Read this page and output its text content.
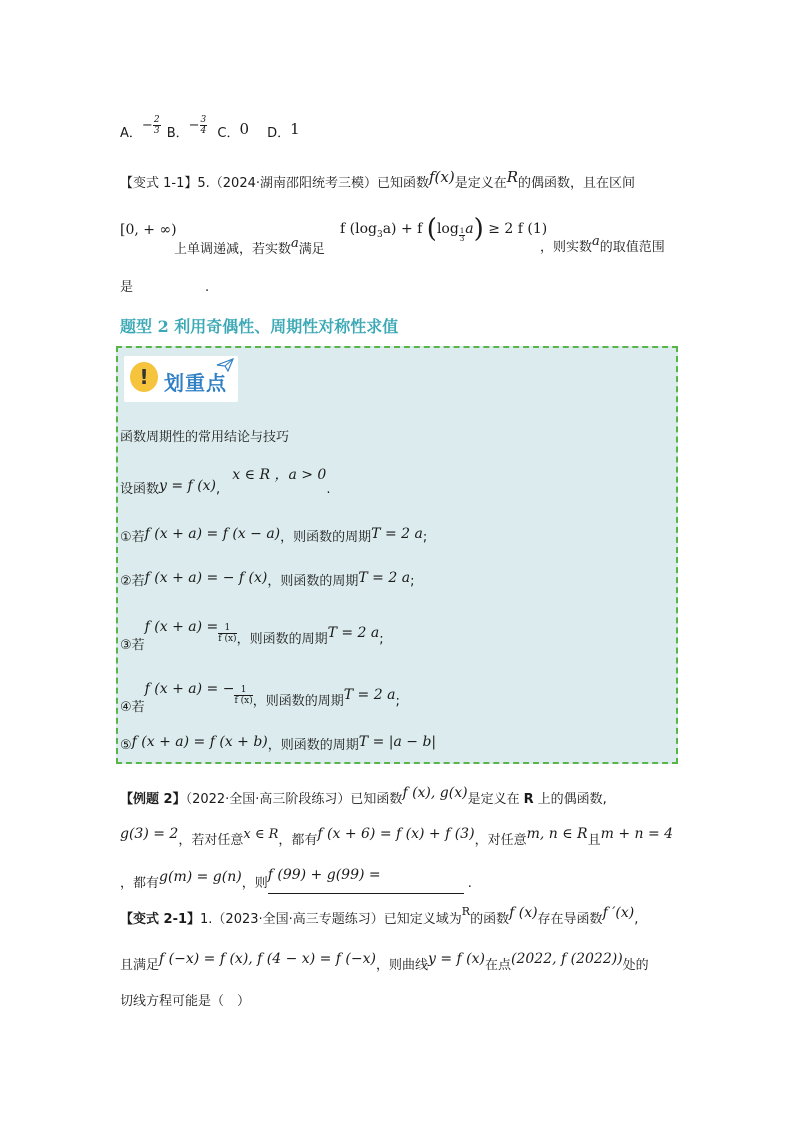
A．− $\frac{2}{3}$ B．− $\frac{3}{4}$ C．0 D．1
【变式 1-1】5.（2024·湖南邵阳统考三模）已知函数f(x)是定义在R的偶函数，且在区间
[0, + ∞)
上单调递减，若实数a满足
f $(\log_3a) + f$ $(\log \frac{1}{3} a) \ge 2$ f (1)
，则实数a的取值范围
是	.
题型 2 利用奇偶性、周期性对称性求值
! 划重点
函数周期性的常用结论与技巧
设函数y = f (x), x ∈ R ，a > 0.
①若f (x + a) = f (x − a)，则函数的周期T = 2 a;
②若f (x + a) = − f (x)，则函数的周期T = 2 a;
③若f $(x + a) = \frac{1}{f (x)}$ ，则函数的周期T = 2 a;
④若f (x + a) = − $\frac{1}{f (x)}$ ，则函数的周期T = 2 a;
⑤f (x + a) = f (x + b)，则函数的周期T = |a − b|
【例题 2】（2022·全国·高三阶段练习）已知函数f (x), g(x)是定义在 R 上的偶函数,
g(3) = 2，若对任意x ∈ R，都有f (x + 6) = f (x) + f (3)，对任意m, n ∈ R且m + n = 4
，都有g(m) = g(n)，则f (99) + g(99) =.
【变式 2-1】1.（2023·全国·高三专题练习）已知定义域为$^R$的函数f (x)存在导函数f ′(x),
且满足f (−x) = f (x), f (4 − x) = f (−x)，则曲线y = f (x)在点(2022, f (2022))处的
切线方程可能是（　）
